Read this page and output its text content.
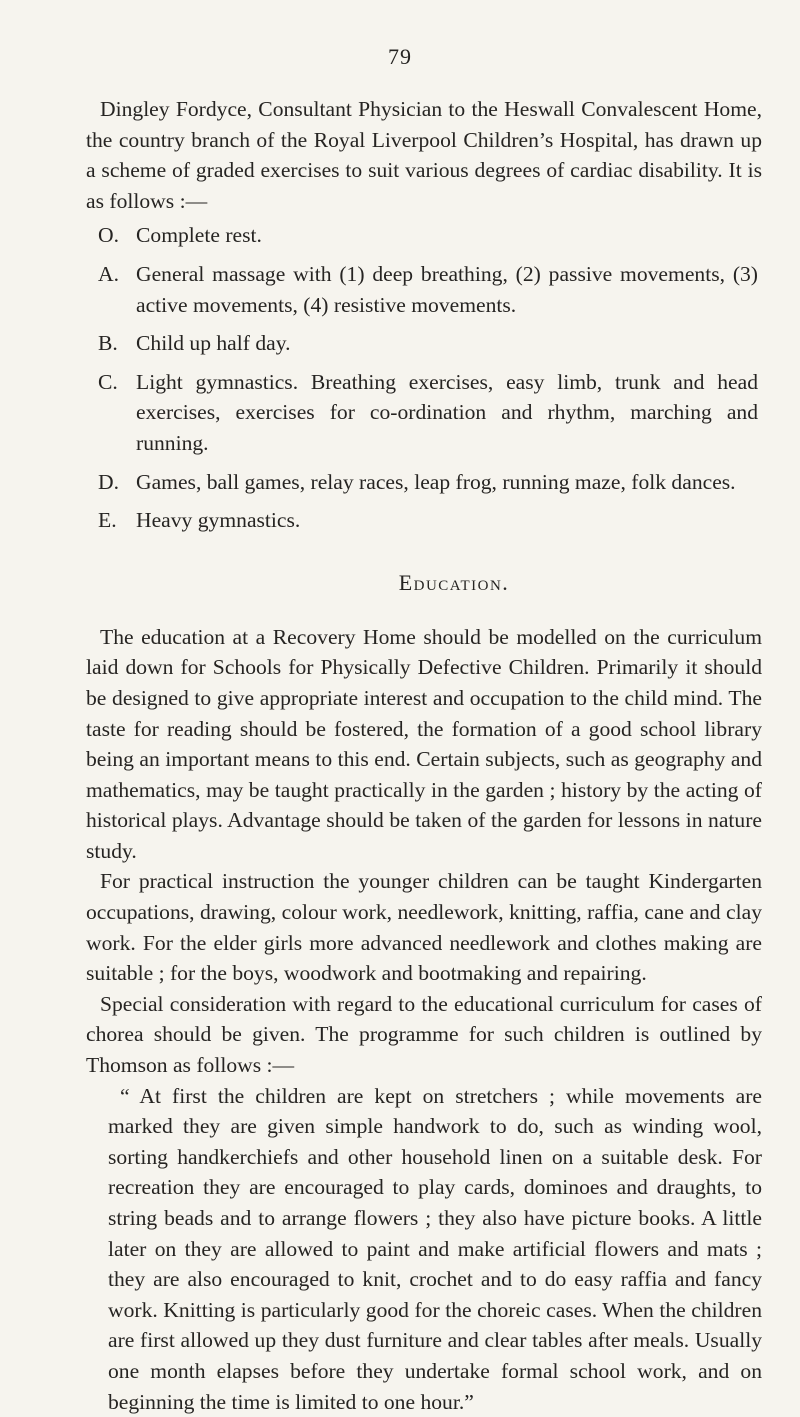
79

Dingley Fordyce, Consultant Physician to the Heswall Convalescent Home, the country branch of the Royal Liverpool Children’s Hospital, has drawn up a scheme of graded exercises to suit various degrees of cardiac disability. It is as follows :—

O. Complete rest.
A. General massage with (1) deep breathing, (2) passive movements, (3) active movements, (4) resistive movements.
B. Child up half day.
C. Light gymnastics. Breathing exercises, easy limb, trunk and head exercises, exercises for co-ordination and rhythm, marching and running.
D. Games, ball games, relay races, leap frog, running maze, folk dances.
E. Heavy gymnastics.
Education.

The education at a Recovery Home should be modelled on the curriculum laid down for Schools for Physically Defective Children. Primarily it should be designed to give appropriate interest and occupation to the child mind. The taste for reading should be fostered, the formation of a good school library being an important means to this end. Certain subjects, such as geography and mathematics, may be taught practically in the garden ; history by the acting of historical plays. Advantage should be taken of the garden for lessons in nature study.

For practical instruction the younger children can be taught Kindergarten occupations, drawing, colour work, needlework, knitting, raffia, cane and clay work. For the elder girls more advanced needlework and clothes making are suitable ; for the boys, woodwork and bootmaking and repairing.

Special consideration with regard to the educational curriculum for cases of chorea should be given. The programme for such children is outlined by Thomson as follows :—

“ At first the children are kept on stretchers ; while movements are marked they are given simple handwork to do, such as winding wool, sorting handkerchiefs and other household linen on a suitable desk. For recreation they are encouraged to play cards, dominoes and draughts, to string beads and to arrange flowers ; they also have picture books. A little later on they are allowed to paint and make artificial flowers and mats ; they are also encouraged to knit, crochet and to do easy raffia and fancy work. Knitting is particularly good for the choreic cases. When the children are first allowed up they dust furniture and clear tables after meals. Usually one month elapses before they undertake formal school work, and on beginning the time is limited to one hour.”
